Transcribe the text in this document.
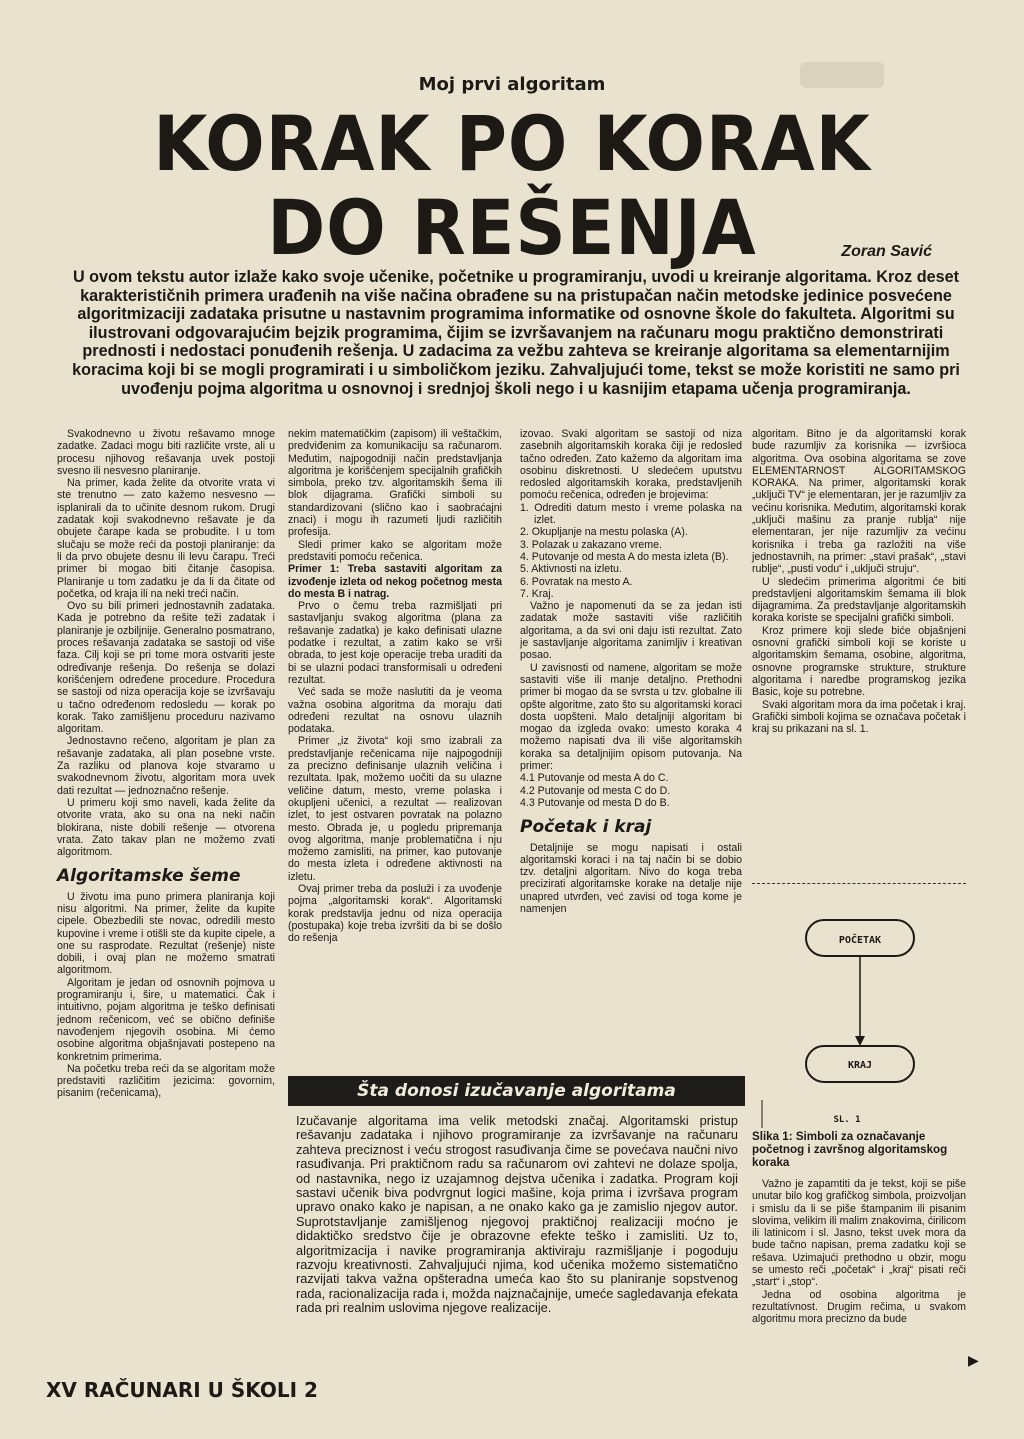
Moj prvi algoritam
KORAK PO KORAK
DO REŠENJA	Zoran Savić
U ovom tekstu autor izlaže kako svoje učenike, početnike u programiranju, uvodi u kreiranje algoritama. Kroz deset karakterističnih primera urađenih na više načina obrađene su na pristupačan način metodske jedinice posvećene algoritmizaciji zadataka prisutne u nastavnim programima informatike od osnovne škole do fakulteta. Algoritmi su ilustrovani odgovarajućim bejzik programima, čijim se izvršavanjem na računaru mogu praktično demonstrirati prednosti i nedostaci ponuđenih rešenja. U zadacima za vežbu zahteva se kreiranje algoritama sa elementarnijim koracima koji bi se mogli programirati i u simboličkom jeziku. Zahvaljujući tome, tekst se može koristiti ne samo pri uvođenju pojma algoritma u osnovnoj i srednjoj školi nego i u kasnijim etapama učenja programiranja.

Svakodnevno u životu rešavamo mnoge zadatke. Zadaci mogu biti različite vrste, ali u procesu njihovog rešavanja uvek postoji svesno ili nesvesno planiranje.

Na primer, kada želite da otvorite vrata vi ste trenutno — zato kažemo nesvesno — isplanirali da to učinite desnom rukom. Drugi zadatak koji svakodnevno rešavate je da obujete čarape kada se probudite. I u tom slučaju se može reći da postoji planiranje: da li da prvo obujete desnu ili levu čarapu. Treći primer bi mogao biti čitanje časopisa. Planiranje u tom zadatku je da li da čitate od početka, od kraja ili na neki treći način.

Ovo su bili primeri jednostavnih zadataka. Kada je potrebno da rešite teži zadatak i planiranje je ozbiljnije. Generalno posmatrano, proces rešavanja zadataka se sastoji od više faza. Cilj koji se pri tome mora ostvariti jeste određivanje rešenja. Do rešenja se dolazi korišćenjem određene procedure. Procedura se sastoji od niza operacija koje se izvršavaju u tačno određenom redosledu — korak po korak. Tako zamišljenu proceduru nazivamo algoritam.

Jednostavno rečeno, algoritam je plan za rešavanje zadataka, ali plan posebne vrste. Za razliku od planova koje stvaramo u svakodnevnom životu, algoritam mora uvek dati rezultat — jednoznačno rešenje.

U primeru koji smo naveli, kada želite da otvorite vrata, ako su ona na neki način blokirana, niste dobili rešenje — otvorena vrata. Zato takav plan ne možemo zvati algoritmom.

Algoritamske šeme

U životu ima puno primera planiranja koji nisu algoritmi. Na primer, želite da kupite cipele. Obezbedili ste novac, odredili mesto kupovine i vreme i otišli ste da kupite cipele, a one su rasprodate. Rezultat (rešenje) niste dobili, i ovaj plan ne možemo smatrati algoritmom.

Algoritam je jedan od osnovnih pojmova u programiranju i, šire, u matematici. Čak i intuitivno, pojam algoritma je teško definisati jednom rečenicom, već se obično definiše navođenjem njegovih osobina. Mi ćemo osobine algoritma objašnjavati postepeno na konkretnim primerima.

Na početku treba reći da se algoritam može predstaviti različitim jezicima: govornim, pisanim (rečenicama),

nekim matematičkim (zapisom) ili veštačkim, predviđenim za komunikaciju sa računarom. Međutim, najpogodniji način predstavljanja algoritma je korišćenjem specijalnih grafičkih simbola, preko tzv. algoritamskih šema ili blok dijagrama. Grafički simboli su standardizovani (slično kao i saobraćajni znaci) i mogu ih razumeti ljudi različitih profesija.

Sledi primer kako se algoritam može predstaviti pomoću rečenica.

Primer 1: Treba sastaviti algoritam za izvođenje izleta od nekog početnog mesta do mesta B i natrag.

Prvo o čemu treba razmišljati pri sastavljanju svakog algoritma (plana za rešavanje zadatka) je kako definisati ulazne podatke i rezultat, a zatim kako se vrši obrada, to jest koje operacije treba uraditi da bi se ulazni podaci transformisali u određeni rezultat.

Već sada se može naslutiti da je veoma važna osobina algoritma da moraju dati određeni rezultat na osnovu ulaznih podataka.

Primer „iz života“ koji smo izabrali za predstavljanje rečenicama nije najpogodniji za precizno definisanje ulaznih veličina i rezultata. Ipak, možemo uočiti da su ulazne veličine datum, mesto, vreme polaska i okupljeni učenici, a rezultat — realizovan izlet, to jest ostvaren povratak na polazno mesto. Obrada je, u pogledu pripremanja ovog algoritma, manje problematična i nju možemo zamisliti, na primer, kao putovanje do mesta izleta i određene aktivnosti na izletu.

Ovaj primer treba da posluži i za uvođenje pojma „algoritamski korak“. Algoritamski korak predstavlja jednu od niza operacija (postupaka) koje treba izvršiti da bi se došlo do rešenja

izovao. Svaki algoritam se sastoji od niza zasebnih algoritamskih koraka čiji je redosled tačno određen. Zato kažemo da algoritam ima osobinu diskretnosti. U sledećem uputstvu redosled algoritamskih koraka, predstavljenih pomoću rečenica, određen je brojevima:

1. Odrediti datum mesto i vreme polaska na izlet.
2. Okupljanje na mestu polaska (A).
3. Polazak u zakazano vreme.
4. Putovanje od mesta A do mesta izleta (B).
5. Aktivnosti na izletu.
6. Povratak na mesto A.
7. Kraj.

Važno je napomenuti da se za jedan isti zadatak može sastaviti više različitih algoritama, a da svi oni daju isti rezultat. Zato je sastavljanje algoritama zanimljiv i kreativan posao.

U zavisnosti od namene, algoritam se može sastaviti više ili manje detaljno. Prethodni primer bi mogao da se svrsta u tzv. globalne ili opšte algoritme, zato što su algoritamski koraci dosta uopšteni. Malo detaljniji algoritam bi mogao da izgleda ovako: umesto koraka 4 možemo napisati dva ili više algoritamskih koraka sa detaljnijim opisom putovanja. Na primer:

4.1 Putovanje od mesta A do C.
4.2 Putovanje od mesta C do D.
4.3 Putovanje od mesta D do B.
Početak i kraj

Detaljnije se mogu napisati i ostali algoritamski koraci i na taj način bi se dobio tzv. detaljni algoritam. Nivo do koga treba precizirati algoritamske korake na detalje nije unapred utvrđen, već zavisi od toga kome je namenjen

algoritam. Bitno je da algoritamski korak bude razumljiv za korisnika — izvršioca algoritma. Ova osobina algoritama se zove ELEMENTARNOST ALGORITAMSKOG KORAKA. Na primer, algoritamski korak „uključi TV“ je elementaran, jer je razumljiv za većinu korisnika. Međutim, algoritamski korak „uključi mašinu za pranje rublja“ nije elementaran, jer nije razumljiv za većinu korisnika i treba ga razložiti na više jednostavnih, na primer: „stavi prašak“, „stavi rublje“, „pusti vodu“ i „uključi struju“.

U sledećim primerima algoritmi će biti predstavljeni algoritamskim šemama ili blok dijagramima. Za predstavljanje algoritamskih koraka koriste se specijalni grafički simboli.

Kroz primere koji slede biće objašnjeni osnovni grafički simboli koji se koriste u algoritamskim šemama, osobine, algoritma, osnovne programske strukture, strukture algoritama i naredbe programskog jezika Basic, koje su potrebne.

Svaki algoritam mora da ima početak i kraj. Grafički simboli kojima se označava početak i kraj su prikazani na sl. 1.

POČETAK
KRAJ
SL. 1
Slika 1: Simboli za označavanje početnog i završnog algoritamskog koraka

Važno je zapamtiti da je tekst, koji se piše unutar bilo kog grafičkog simbola, proizvoljan i smislu da li se piše štampanim ili pisanim slovima, velikim ili malim znakovima, ćirilicom ili latinicom i sl. Jasno, tekst uvek mora da bude tačno napisan, prema zadatku koji se rešava. Uzimajući prethodno u obzir, mogu se umesto reči „početak“ i „kraj“ pisati reči „start“ i „stop“.

Jedna od osobina algoritma je rezultatívnost. Drugim rečima, u svakom algoritmu mora precizno da bude

Šta donosi izučavanje algoritama
Izučavanje algoritama ima velik metodski značaj. Algoritamski pristup rešavanju zadataka i njihovo programiranje za izvršavanje na računaru zahteva preciznost i veću strogost rasuđivanja čime se povećava naučni nivo rasuđivanja. Pri praktičnom radu sa računarom ovi zahtevi ne dolaze spolja, od nastavnika, nego iz uzajamnog dejstva učenika i zadatka. Program koji sastavi učenik biva podvrgnut logici mašine, koja prima i izvršava program upravo onako kako je napisan, a ne onako kako ga je zamislio njegov autor. Suprotstavljanje zamišljenog njegovoj praktičnoj realizaciji moćno je didaktičko sredstvo čije je obrazovne efekte teško i zamisliti. Uz to, algoritmizacija i navike programiranja aktiviraju razmišljanje i pogoduju razvoju kreativnosti. Zahvaljujući njima, kod učenika možemo sistematično razvijati takva važna opšteradna umeća kao što su planiranje sopstvenog rada, racionalizacija rada i, možda najznačajnije, umeće sagledavanja efekata rada pri realnim uslovima njegove realizacije.
▶
XV RAČUNARI U ŠKOLI 2
